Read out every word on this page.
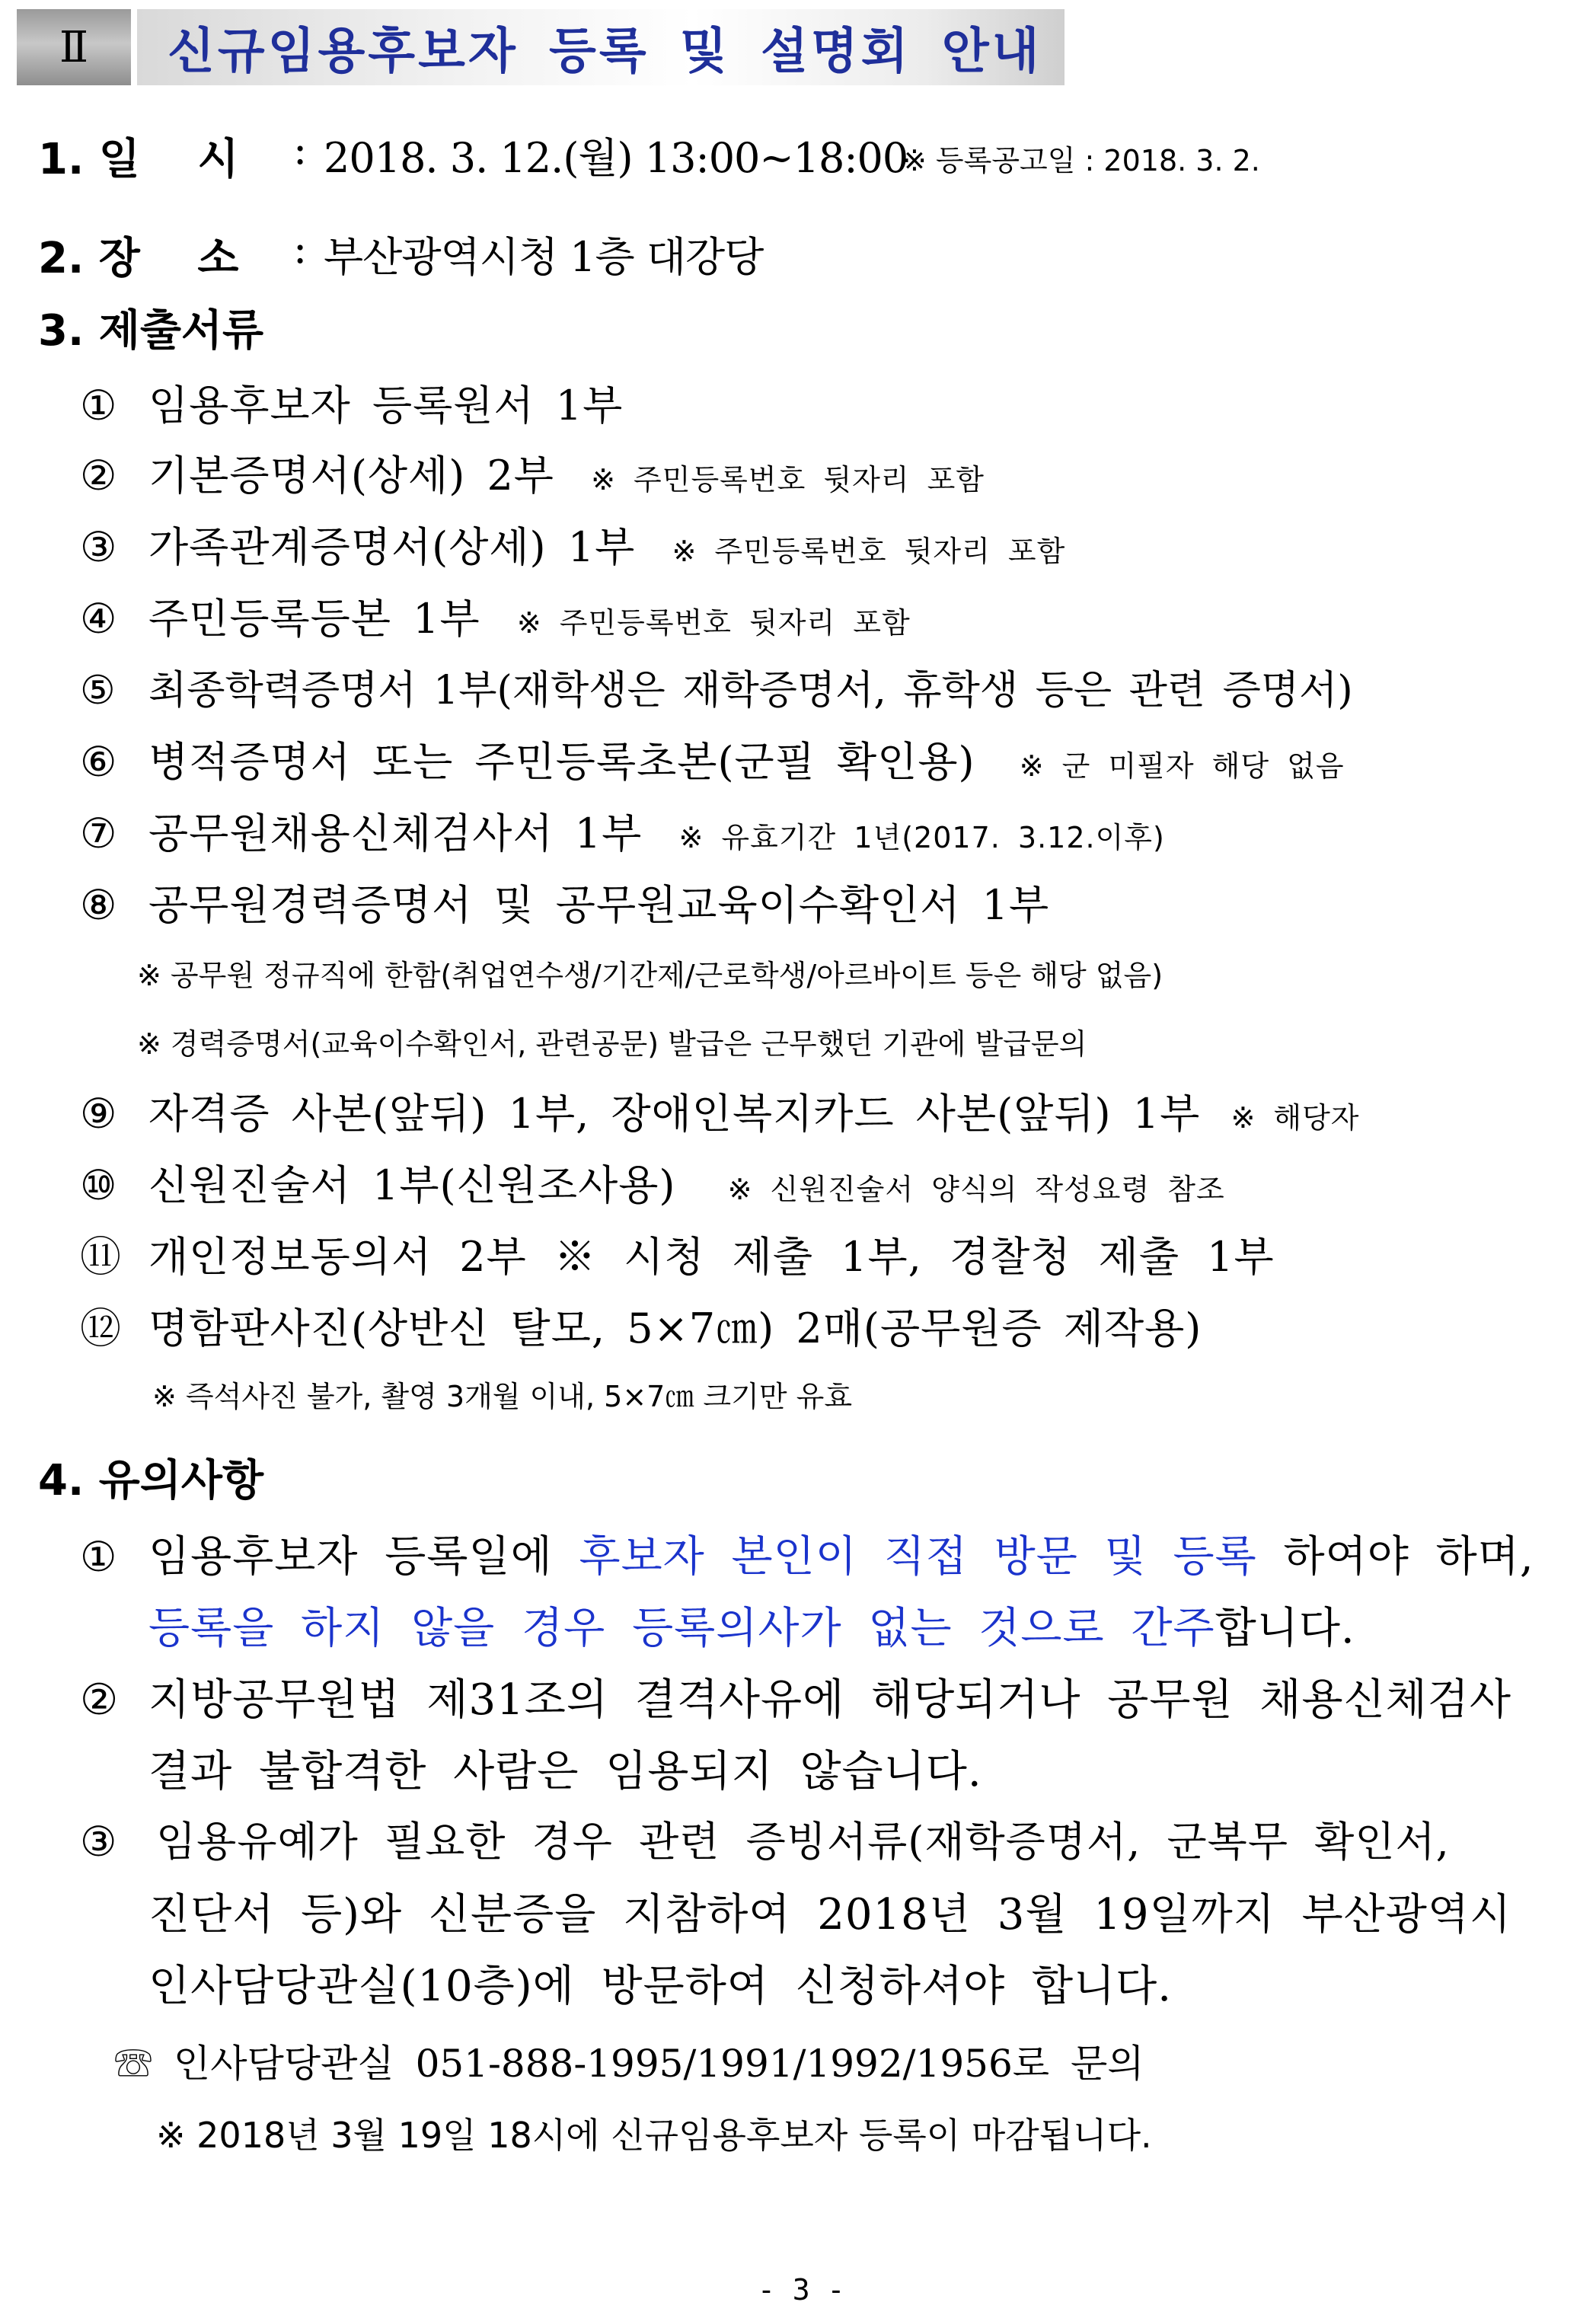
Ⅱ	신규임용후보자 등록 및 설명회 안내
1. 일　 시 : 2018. 3. 12.(월) 13:00~18:00
※ 등록공고일 : 2018. 3. 2.
2. 장　 소 : 부산광역시청 1층 대강당
3. 제출서류
① 임용후보자 등록원서 1부
② 기본증명서(상세) 2부 ※ 주민등록번호 뒷자리 포함
③ 가족관계증명서(상세) 1부 ※ 주민등록번호 뒷자리 포함
④ 주민등록등본 1부 ※ 주민등록번호 뒷자리 포함
⑤ 최종학력증명서 1부(재학생은 재학증명서, 휴학생 등은 관련 증명서)
⑥ 병적증명서 또는 주민등록초본(군필 확인용) ※ 군 미필자 해당 없음
⑦ 공무원채용신체검사서 1부 ※ 유효기간 1년(2017. 3.12.이후)
⑧ 공무원경력증명서 및 공무원교육이수확인서 1부
※ 공무원 정규직에 한함(취업연수생/기간제/근로학생/아르바이트 등은 해당 없음)
※ 경력증명서(교육이수확인서, 관련공문) 발급은 근무했던 기관에 발급문의
⑨ 자격증 사본(앞뒤) 1부, 장애인복지카드 사본(앞뒤) 1부 ※ 해당자
⑩ 신원진술서 1부(신원조사용) ※ 신원진술서 양식의 작성요령 참조
⑪ 개인정보동의서 2부 ※ 시청 제출 1부, 경찰청 제출 1부
⑫ 명함판사진(상반신 탈모, 5×7㎝) 2매(공무원증 제작용)
※ 즉석사진 불가, 촬영 3개월 이내, 5×7㎝ 크기만 유효
4. 유의사항
① 임용후보자 등록일에 후보자 본인이 직접 방문 및 등록 하여야 하며,
등록을 하지 않을 경우 등록의사가 없는 것으로 간주합니다.
② 지방공무원법 제31조의 결격사유에 해당되거나 공무원 채용신체검사
결과 불합격한 사람은 임용되지 않습니다.
③ 임용유예가 필요한 경우 관련 증빙서류(재학증명서, 군복무 확인서,
진단서 등)와 신분증을 지참하여 2018년 3월 19일까지 부산광역시
인사담당관실(10층)에 방문하여 신청하셔야 합니다.
☏ 인사담당관실 051-888-1995/1991/1992/1956로 문의
※ 2018년 3월 19일 18시에 신규임용후보자 등록이 마감됩니다.
- 3 -
